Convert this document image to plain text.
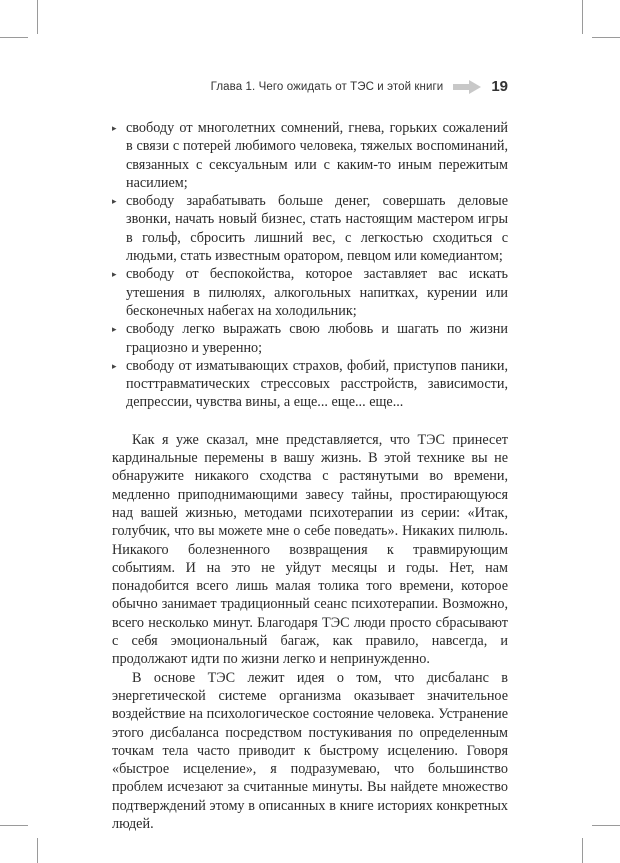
Глава 1. Чего ожидать от ТЭС и этой книги	19
▸ свободу от многолетних сомнений, гнева, горьких сожалений в связи с потерей любимого человека, тяжелых воспоминаний, связанных с сексуальным или с каким-то иным пережитым насилием;
▸ свободу зарабатывать больше денег, совершать деловые звонки, начать новый бизнес, стать настоящим мастером игры в гольф, сбросить лишний вес, с легкостью сходиться с людьми, стать известным оратором, певцом или комедиантом;
▸ свободу от беспокойства, которое заставляет вас искать утешения в пилюлях, алкогольных напитках, курении или бесконечных набегах на холодильник;
▸ свободу легко выражать свою любовь и шагать по жизни грациозно и уверенно;
▸ свободу от изматывающих страхов, фобий, приступов паники, посттравматических стрессовых расстройств, зависимости, депрессии, чувства вины, а еще... еще... еще...

Как я уже сказал, мне представляется, что ТЭС принесет кардинальные перемены в вашу жизнь. В этой технике вы не обнаружите никакого сходства с растянутыми во времени, медленно приподнимающими завесу тайны, простирающуюся над вашей жизнью, методами психотерапии из серии: «Итак, голубчик, что вы можете мне о себе поведать». Никаких пилюль. Никакого болезненного возвращения к травмирующим событиям. И на это не уйдут месяцы и годы. Нет, нам понадобится всего лишь малая толика того времени, которое обычно занимает традиционный сеанс психотерапии. Возможно, всего несколько минут. Благодаря ТЭС люди просто сбрасывают с себя эмоциональный багаж, как правило, навсегда, и продолжают идти по жизни легко и непринужденно.

В основе ТЭС лежит идея о том, что дисбаланс в энергетической системе организма оказывает значительное воздействие на психологическое состояние человека. Устранение этого дисбаланса посредством постукивания по определенным точкам тела часто приводит к быстрому исцелению. Говоря «быстрое исцеление», я подразумеваю, что большинство проблем исчезают за считанные минуты. Вы найдете множество подтверждений этому в описанных в книге историях конкретных людей.
